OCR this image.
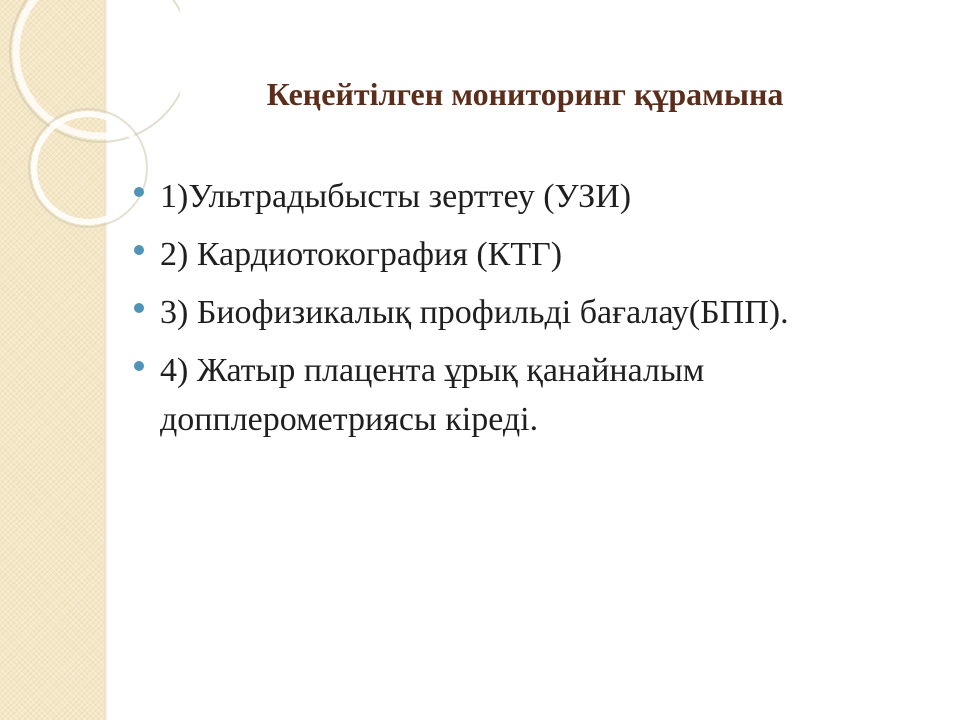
Кеңейтілген мониторинг құрамына
1)Ультрадыбысты зерттеу (УЗИ)
2) Кардиотокография (КТГ)
3) Биофизикалық профильді бағалау(БПП).
4) Жатыр плацента ұрық қанайналым допплерометриясы кіреді.
